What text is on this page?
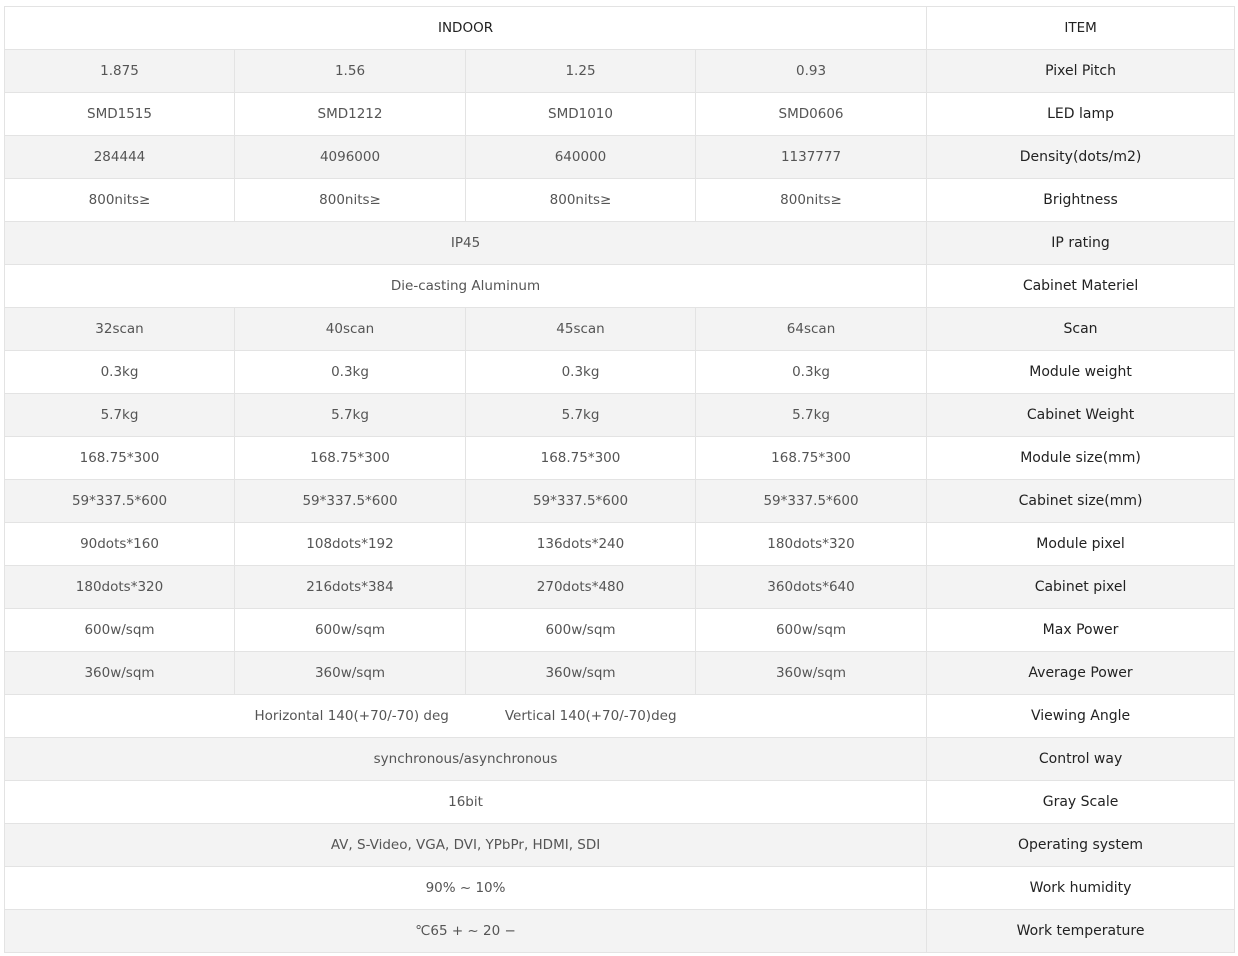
INDOOR				ITEM
1.875	1.56	1.25	0.93	Pixel Pitch
SMD1515	SMD1212	SMD1010	SMD0606	LED lamp
284444	4096000	640000	1137777	Density(dots/m2)
800nits≥	800nits≥	800nits≥	800nits≥	Brightness
IP45				IP rating
Die-casting Aluminum				Cabinet Materiel
32scan	40scan	45scan	64scan	Scan
0.3kg	0.3kg	0.3kg	0.3kg	Module weight
5.7kg	5.7kg	5.7kg	5.7kg	Cabinet Weight
168.75*300	168.75*300	168.75*300	168.75*300	Module size(mm)
59*337.5*600	59*337.5*600	59*337.5*600	59*337.5*600	Cabinet size(mm)
90dots*160	108dots*192	136dots*240	180dots*320	Module pixel
180dots*320	216dots*384	270dots*480	360dots*640	Cabinet pixel
600w/sqm	600w/sqm	600w/sqm	600w/sqm	Max Power
360w/sqm	360w/sqm	360w/sqm	360w/sqm	Average Power
Horizontal 140(+70/-70) deg Vertical 140(+70/-70)deg				Viewing Angle
synchronous/asynchronous				Control way
16bit				Gray Scale
AV, S-Video, VGA, DVI, YPbPr, HDMI, SDI				Operating system
90% ~ 10%				Work humidity
℃65 + ~ 20 −				Work temperature
